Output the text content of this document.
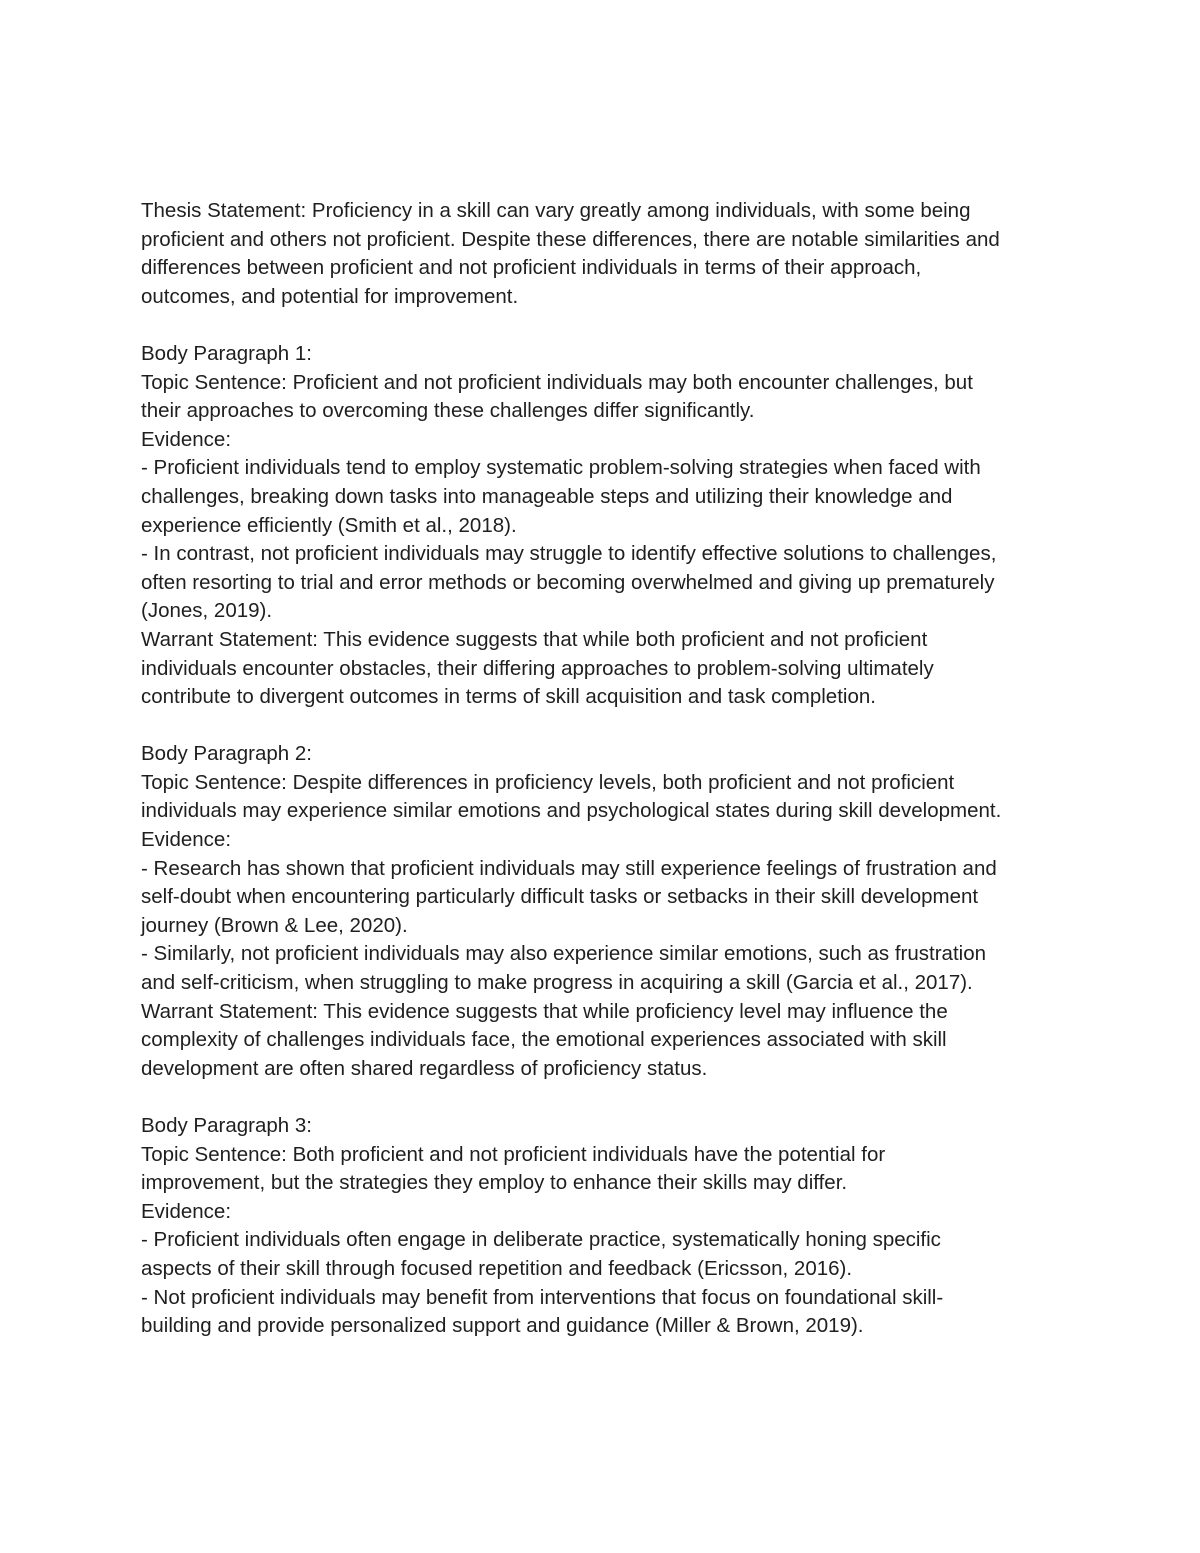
Thesis Statement: Proficiency in a skill can vary greatly among individuals, with some being
proficient and others not proficient. Despite these differences, there are notable similarities and
differences between proficient and not proficient individuals in terms of their approach,
outcomes, and potential for improvement.
Body Paragraph 1:
Topic Sentence: Proficient and not proficient individuals may both encounter challenges, but
their approaches to overcoming these challenges differ significantly.
Evidence:
- Proficient individuals tend to employ systematic problem-solving strategies when faced with
challenges, breaking down tasks into manageable steps and utilizing their knowledge and
experience efficiently (Smith et al., 2018).
- In contrast, not proficient individuals may struggle to identify effective solutions to challenges,
often resorting to trial and error methods or becoming overwhelmed and giving up prematurely
(Jones, 2019).
Warrant Statement: This evidence suggests that while both proficient and not proficient
individuals encounter obstacles, their differing approaches to problem-solving ultimately
contribute to divergent outcomes in terms of skill acquisition and task completion.
Body Paragraph 2:
Topic Sentence: Despite differences in proficiency levels, both proficient and not proficient
individuals may experience similar emotions and psychological states during skill development.
Evidence:
- Research has shown that proficient individuals may still experience feelings of frustration and
self-doubt when encountering particularly difficult tasks or setbacks in their skill development
journey (Brown & Lee, 2020).
- Similarly, not proficient individuals may also experience similar emotions, such as frustration
and self-criticism, when struggling to make progress in acquiring a skill (Garcia et al., 2017).
Warrant Statement: This evidence suggests that while proficiency level may influence the
complexity of challenges individuals face, the emotional experiences associated with skill
development are often shared regardless of proficiency status.
Body Paragraph 3:
Topic Sentence: Both proficient and not proficient individuals have the potential for
improvement, but the strategies they employ to enhance their skills may differ.
Evidence:
- Proficient individuals often engage in deliberate practice, systematically honing specific
aspects of their skill through focused repetition and feedback (Ericsson, 2016).
- Not proficient individuals may benefit from interventions that focus on foundational skill-
building and provide personalized support and guidance (Miller & Brown, 2019).
